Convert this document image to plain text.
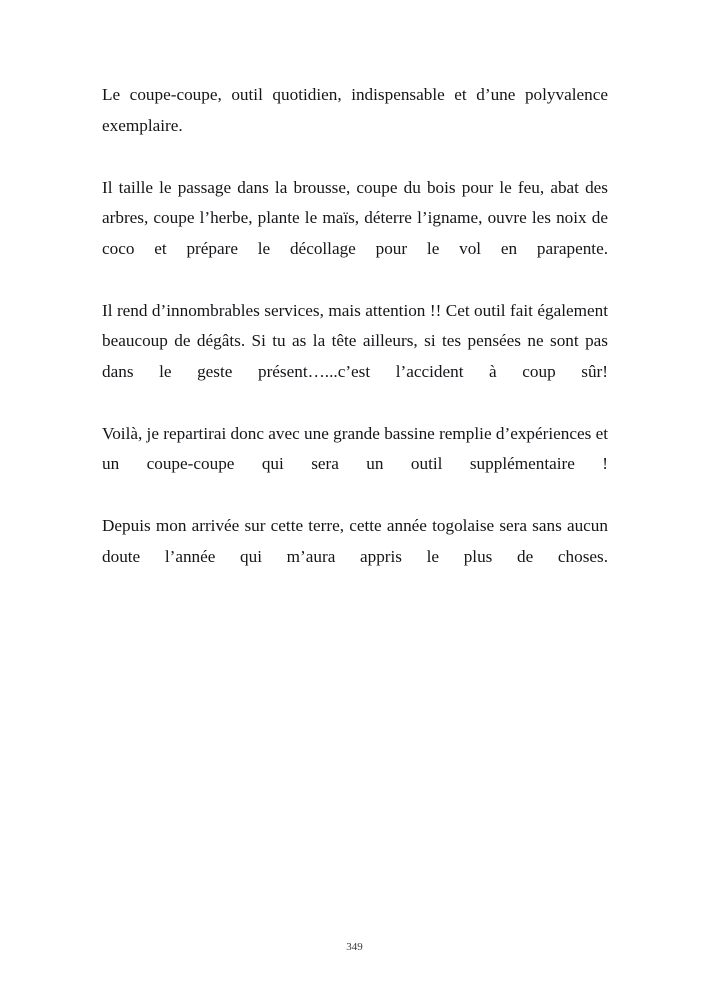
Le coupe-coupe, outil quotidien, indispensable et d’une polyvalence exemplaire.

Il taille le passage dans la brousse, coupe du bois pour le feu, abat des arbres, coupe l’herbe, plante le maïs, déterre l’igname, ouvre les noix de coco et prépare le décollage pour le vol en parapente.

Il rend d’innombrables services, mais attention !! Cet outil fait également beaucoup de dégâts. Si tu as la tête ailleurs, si tes pensées ne sont pas dans le geste présent…...c’est l’accident à coup sûr!

Voilà, je repartirai donc avec une grande bassine remplie d’expériences et un coupe-coupe qui sera un outil supplémentaire !

Depuis mon arrivée sur cette terre, cette année togolaise sera sans aucun doute l’année qui m’aura appris le plus de choses.

349
